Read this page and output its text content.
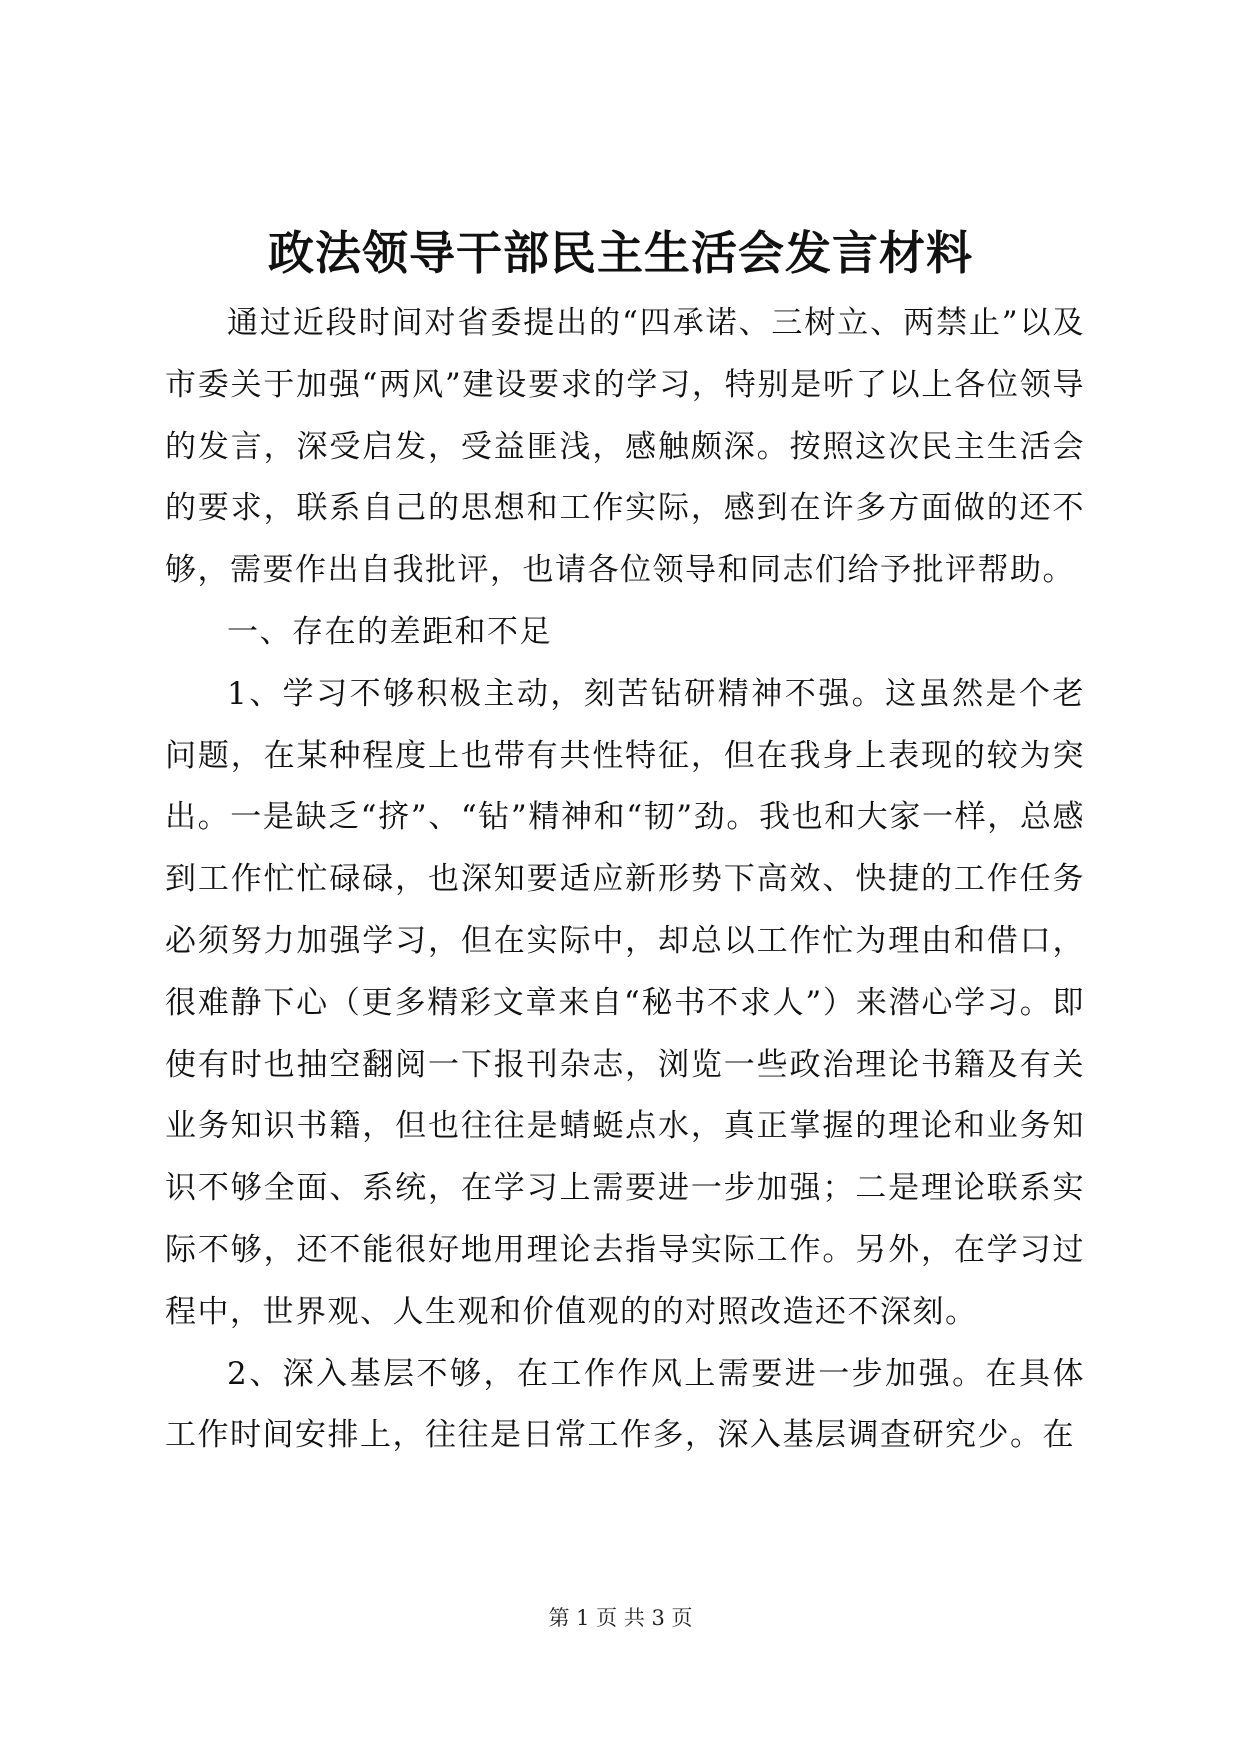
政法领导干部民主生活会发言材料

通过近段时间对省委提出的“四承诺、三树立、两禁止”以及市委关于加强“两风”建设要求的学习，特别是听了以上各位领导的发言，深受启发，受益匪浅，感触颇深。按照这次民主生活会的要求，联系自己的思想和工作实际，感到在许多方面做的还不够，需要作出自我批评，也请各位领导和同志们给予批评帮助。

一、存在的差距和不足

1、学习不够积极主动，刻苦钻研精神不强。这虽然是个老问题，在某种程度上也带有共性特征，但在我身上表现的较为突出。一是缺乏“挤”、“钻”精神和“韧”劲。我也和大家一样，总感到工作忙忙碌碌，也深知要适应新形势下高效、快捷的工作任务必须努力加强学习，但在实际中，却总以工作忙为理由和借口，很难静下心（更多精彩文章来自“秘书不求人”）来潜心学习。即使有时也抽空翻阅一下报刊杂志，浏览一些政治理论书籍及有关业务知识书籍，但也往往是蜻蜓点水，真正掌握的理论和业务知识不够全面、系统，在学习上需要进一步加强；二是理论联系实际不够，还不能很好地用理论去指导实际工作。另外，在学习过程中，世界观、人生观和价值观的的对照改造还不深刻。

2、深入基层不够，在工作作风上需要进一步加强。在具体工作时间安排上，往往是日常工作多，深入基层调查研究少。在

第 1 页 共 3 页
